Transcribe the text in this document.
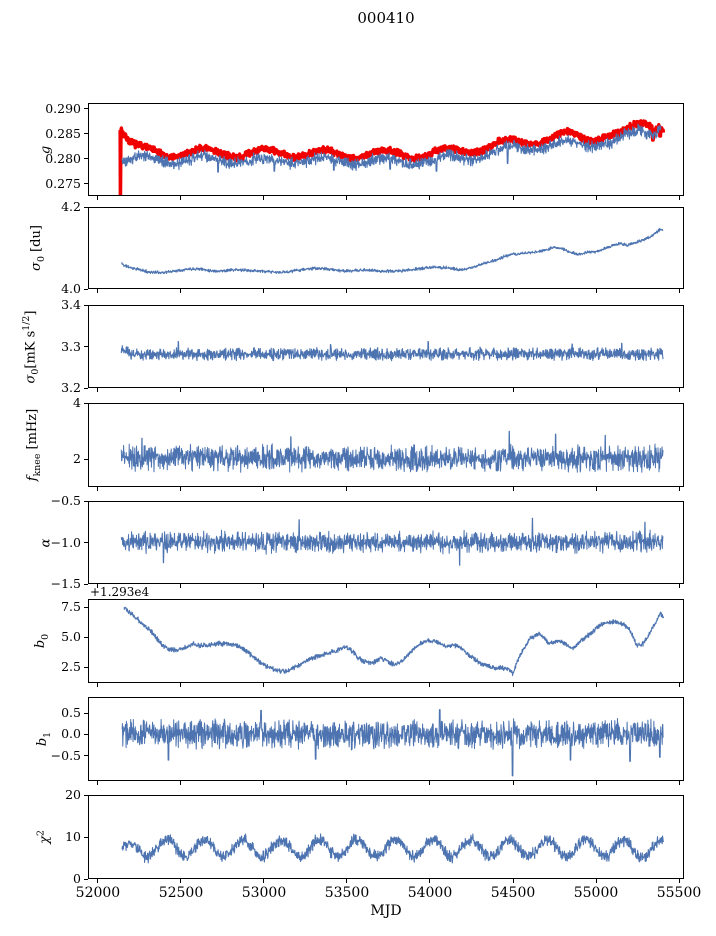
000410
MJD
0.275
0.280
0.285
0.290
g
4.0
4.2
$\sigma_0$ [du]
3.2
3.3
3.4
$\sigma_0[mK$ $s^{1/2}$]
2
4
$f_{knee}$ [mHz]
−1.5
−1.0
−0.5
α
2.5
5.0
7.5
$b_0$
+1.293e4
−0.5
0.0
0.5
$b_1$
0
10
20
$\chi^2$
52000	52500	53000	53500	54000	54500	55000	55500
